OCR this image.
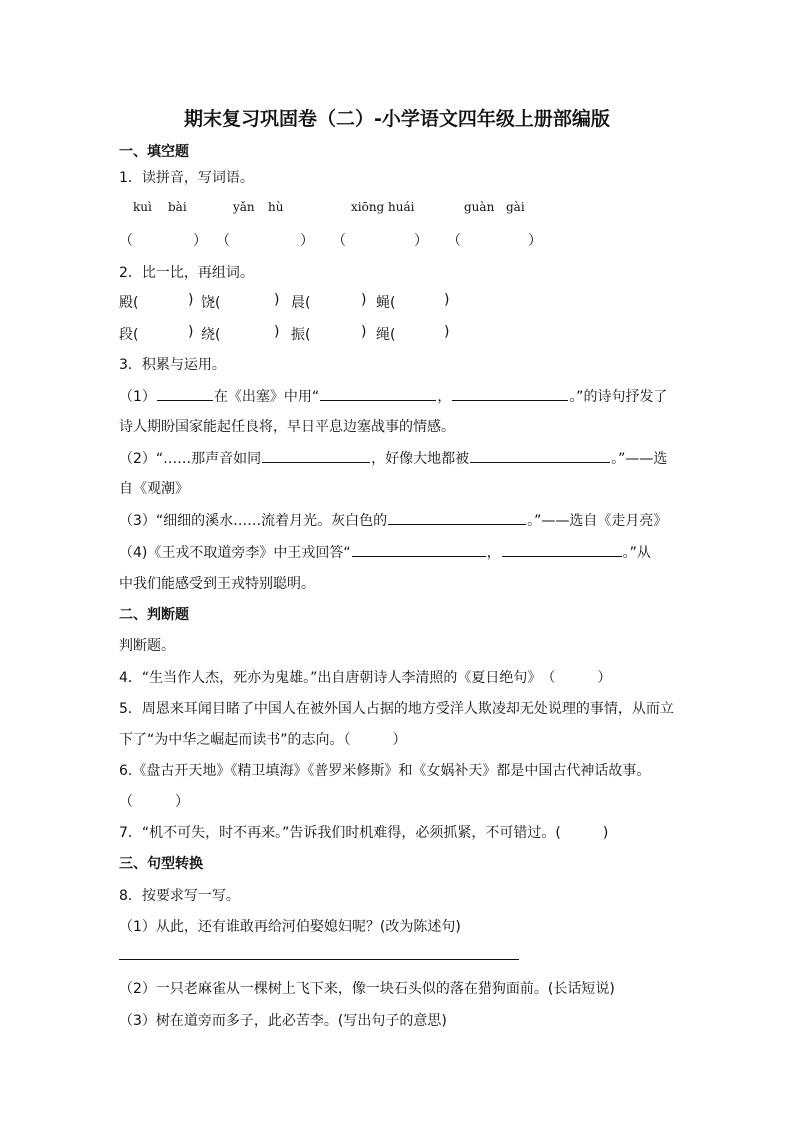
期末复习巩固卷（二）-小学语文四年级上册部编版
一、填空题
1．读拼音，写词语。
kuì bài	yǎn hù	xiōng huái	guàn gài
（	） （	） （	） （	）
2．比一比，再组词。
殿(	) 饶(	) 晨(	) 蝇(	)
段(	) 绕(	) 振(	) 绳(	)
3．积累与运用。
（1）	在《出塞》中用“	，	。”的诗句抒发了
诗人期盼国家能起任良将，早日平息边塞战事的情感。
（2）“……那声音如同	，好像大地都被	。”——选
自《观潮》
（3）“细细的溪水……流着月光。灰白色的	。”——选自《走月亮》
（4)《王戎不取道旁李》中王戎回答“	，	。”从
中我们能感受到王戎特别聪明。
二、判断题
判断题。
4．“生当作人杰，死亦为鬼雄。”出自唐朝诗人李清照的《夏日绝句》　（　　　）
5．周恩来耳闻目睹了中国人在被外国人占据的地方受洋人欺凌却无处说理的事情，从而立
下了“为中华之崛起而读书”的志向。（　　　）
6.《盘古开天地》《精卫填海》《普罗米修斯》和《女娲补天》都是中国古代神话故事。
（　　　）
7．“机不可失，时不再来。”告诉我们时机难得，必须抓紧，不可错过。(　　　)
三、句型转换
8．按要求写一写。
（1）从此，还有谁敢再给河伯娶媳妇呢？(改为陈述句)
（2）一只老麻雀从一棵树上飞下来，像一块石头似的落在猎狗面前。(长话短说)
（3）树在道旁而多子，此必苦李。(写出句子的意思)
